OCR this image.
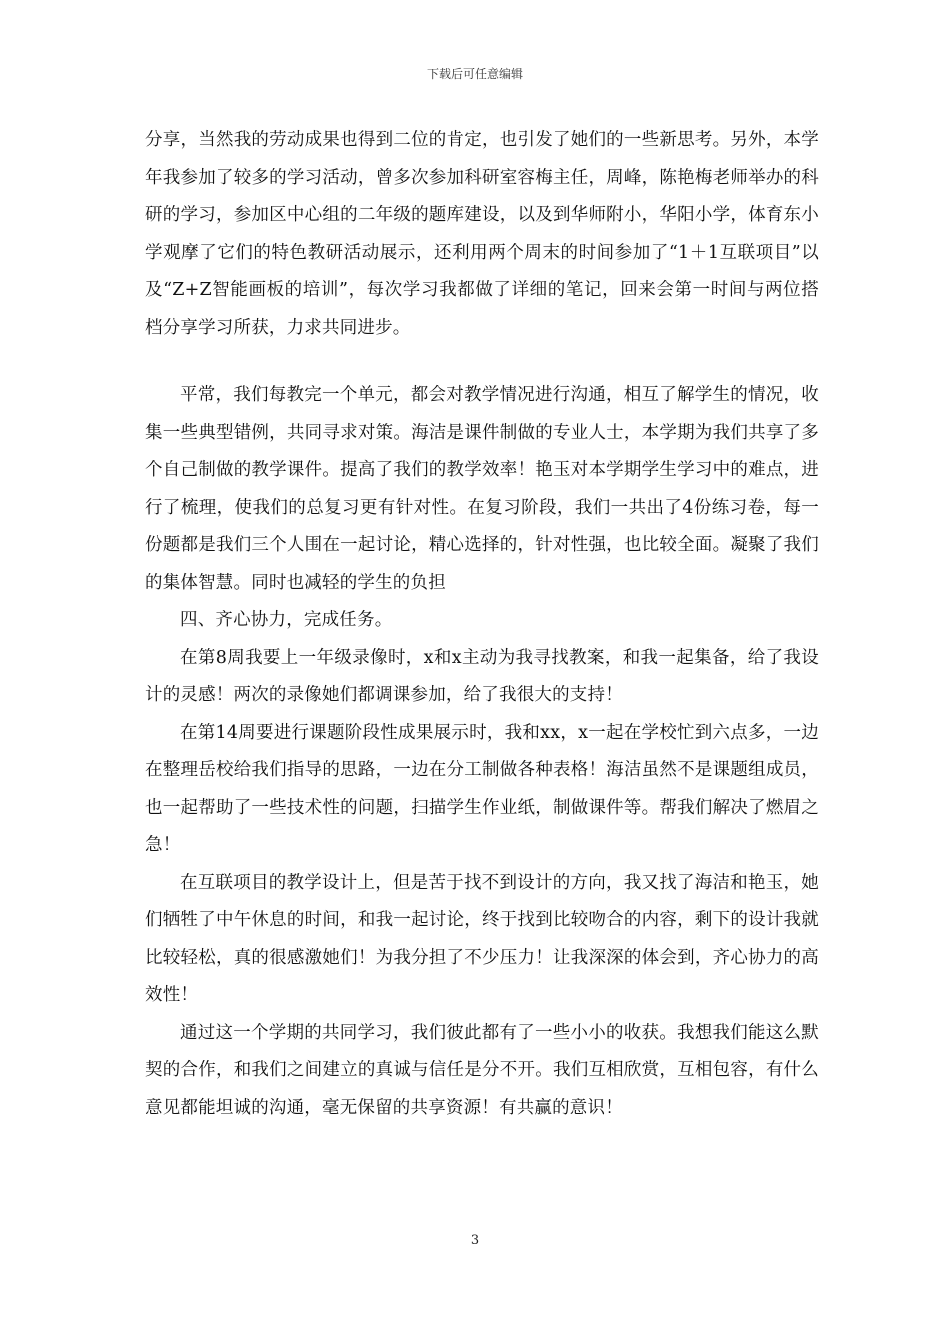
下载后可任意编辑

分享，当然我的劳动成果也得到二位的肯定，也引发了她们的一些新思考。另外，本学年我参加了较多的学习活动，曾多次参加科研室容梅主任，周峰，陈艳梅老师举办的科研的学习，参加区中心组的二年级的题库建设，以及到华师附小，华阳小学，体育东小学观摩了它们的特色教研活动展示，还利用两个周末的时间参加了“1＋1互联项目”以及“Z+Z智能画板的培训”，每次学习我都做了详细的笔记，回来会第一时间与两位搭档分享学习所获，力求共同进步。

平常，我们每教完一个单元，都会对教学情况进行沟通，相互了解学生的情况，收集一些典型错例，共同寻求对策。海洁是课件制做的专业人士，本学期为我们共享了多个自己制做的教学课件。提高了我们的教学效率！艳玉对本学期学生学习中的难点，进行了梳理，使我们的总复习更有针对性。在复习阶段，我们一共出了4份练习卷，每一份题都是我们三个人围在一起讨论，精心选择的，针对性强，也比较全面。凝聚了我们的集体智慧。同时也减轻的学生的负担

四、齐心协力，完成任务。

在第8周我要上一年级录像时，x和x主动为我寻找教案，和我一起集备，给了我设计的灵感！两次的录像她们都调课参加，给了我很大的支持！

在第14周要进行课题阶段性成果展示时，我和xx，x一起在学校忙到六点多，一边在整理岳校给我们指导的思路，一边在分工制做各种表格！海洁虽然不是课题组成员，也一起帮助了一些技术性的问题，扫描学生作业纸，制做课件等。帮我们解决了燃眉之急！

在互联项目的教学设计上，但是苦于找不到设计的方向，我又找了海洁和艳玉，她们牺牲了中午休息的时间，和我一起讨论，终于找到比较吻合的内容，剩下的设计我就比较轻松，真的很感激她们！为我分担了不少压力！让我深深的体会到，齐心协力的高效性！

通过这一个学期的共同学习，我们彼此都有了一些小小的收获。我想我们能这么默契的合作，和我们之间建立的真诚与信任是分不开。我们互相欣赏，互相包容，有什么意见都能坦诚的沟通，毫无保留的共享资源！有共赢的意识！

3
